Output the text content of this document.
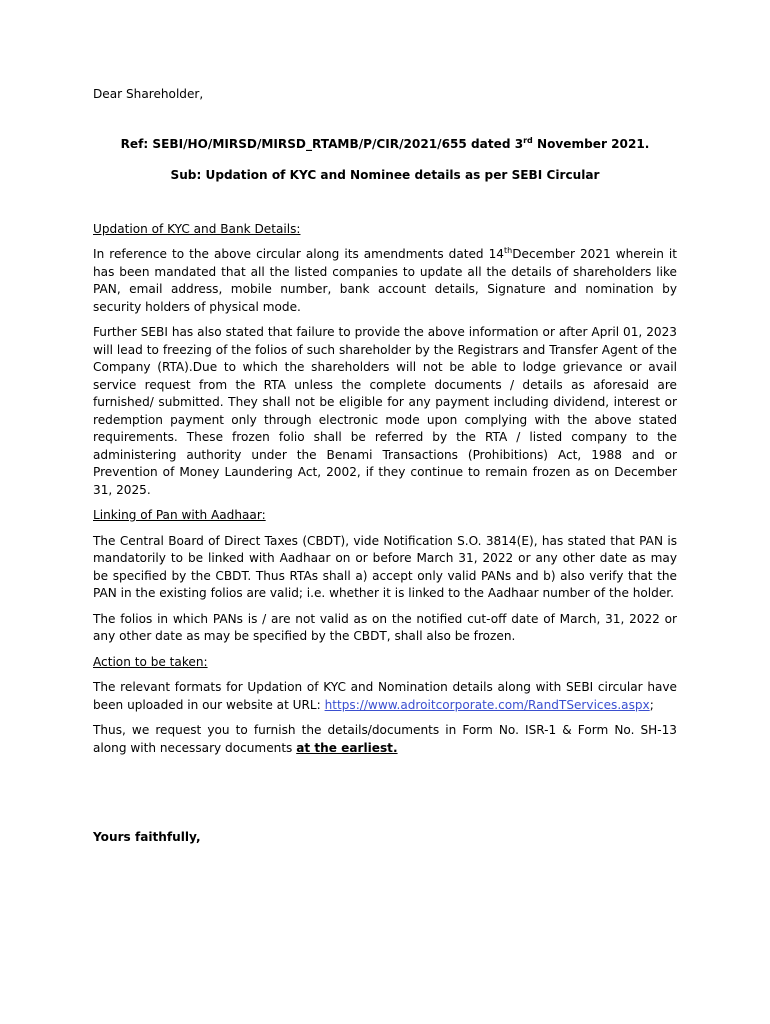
Dear Shareholder,

Ref: SEBI/HO/MIRSD/MIRSD_RTAMB/P/CIR/2021/655 dated 3rd November 2021.

Sub: Updation of KYC and Nominee details as per SEBI Circular

Updation of KYC and Bank Details:

In reference to the above circular along its amendments dated 14thDecember 2021 wherein it has been mandated that all the listed companies to update all the details of shareholders like PAN, email address, mobile number, bank account details, Signature and nomination by security holders of physical mode.

Further SEBI has also stated that failure to provide the above information or after April 01, 2023 will lead to freezing of the folios of such shareholder by the Registrars and Transfer Agent of the Company (RTA).Due to which the shareholders will not be able to lodge grievance or avail service request from the RTA unless the complete documents / details as aforesaid are furnished/ submitted. They shall not be eligible for any payment including dividend, interest or redemption payment only through electronic mode upon complying with the above stated requirements. These frozen folio shall be referred by the RTA / listed company to the administering authority under the Benami Transactions (Prohibitions) Act, 1988 and or Prevention of Money Laundering Act, 2002, if they continue to remain frozen as on December 31, 2025.

Linking of Pan with Aadhaar:

The Central Board of Direct Taxes (CBDT), vide Notification S.O. 3814(E), has stated that PAN is mandatorily to be linked with Aadhaar on or before March 31, 2022 or any other date as may be specified by the CBDT. Thus RTAs shall a) accept only valid PANs and b) also verify that the PAN in the existing folios are valid; i.e. whether it is linked to the Aadhaar number of the holder.

The folios in which PANs is / are not valid as on the notified cut-off date of March, 31, 2022 or any other date as may be specified by the CBDT, shall also be frozen.

Action to be taken:

The relevant formats for Updation of KYC and Nomination details along with SEBI circular have been uploaded in our website at URL: https://www.adroitcorporate.com/RandTServices.aspx;

Thus, we request you to furnish the details/documents in Form No. ISR-1 & Form No. SH-13 along with necessary documents at the earliest.

Yours faithfully,
